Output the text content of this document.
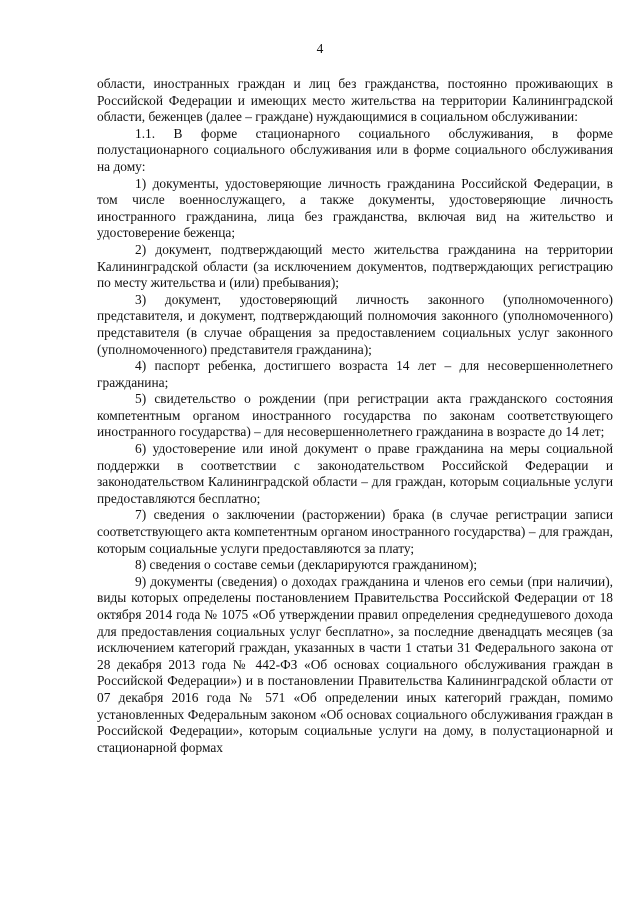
4

области, иностранных граждан и лиц без гражданства, постоянно проживающих в Российской Федерации и имеющих место жительства на территории Калининградской области, беженцев (далее – граждане) нуждающимися в социальном обслуживании:

1.1. В форме стационарного социального обслуживания, в форме полустационарного социального обслуживания или в форме социального обслуживания на дому:

1) документы, удостоверяющие личность гражданина Российской Федерации, в том числе военнослужащего, а также документы, удостоверяющие личность иностранного гражданина, лица без гражданства, включая вид на жительство и удостоверение беженца;

2) документ, подтверждающий место жительства гражданина на территории Калининградской области (за исключением документов, подтверждающих регистрацию по месту жительства и (или) пребывания);

3) документ, удостоверяющий личность законного (уполномоченного) представителя, и документ, подтверждающий полномочия законного (уполномоченного) представителя (в случае обращения за предоставлением социальных услуг законного (уполномоченного) представителя гражданина);

4) паспорт ребенка, достигшего возраста 14 лет – для несовершеннолетнего гражданина;

5) свидетельство о рождении (при регистрации акта гражданского состояния компетентным органом иностранного государства по законам соответствующего иностранного государства) – для несовершеннолетнего гражданина в возрасте до 14 лет;

6) удостоверение или иной документ о праве гражданина на меры социальной поддержки в соответствии с законодательством Российской Федерации и законодательством Калининградской области – для граждан, которым социальные услуги предоставляются бесплатно;

7) сведения о заключении (расторжении) брака (в случае регистрации записи соответствующего акта компетентным органом иностранного государства) – для граждан, которым социальные услуги предоставляются за плату;

8) сведения о составе семьи (декларируются гражданином);

9) документы (сведения) о доходах гражданина и членов его семьи (при наличии), виды которых определены постановлением Правительства Российской Федерации от 18 октября 2014 года № 1075 «Об утверждении правил определения среднедушевого дохода для предоставления социальных услуг бесплатно», за последние двенадцать месяцев (за исключением категорий граждан, указанных в части 1 статьи 31 Федерального закона от 28 декабря 2013 года № 442-ФЗ «Об основах социального обслуживания граждан в Российской Федерации») и в постановлении Правительства Калининградской области от 07 декабря 2016 года № 571 «Об определении иных категорий граждан, помимо установленных Федеральным законом «Об основах социального обслуживания граждан в Российской Федерации», которым социальные услуги на дому, в полустационарной и стационарной формах
